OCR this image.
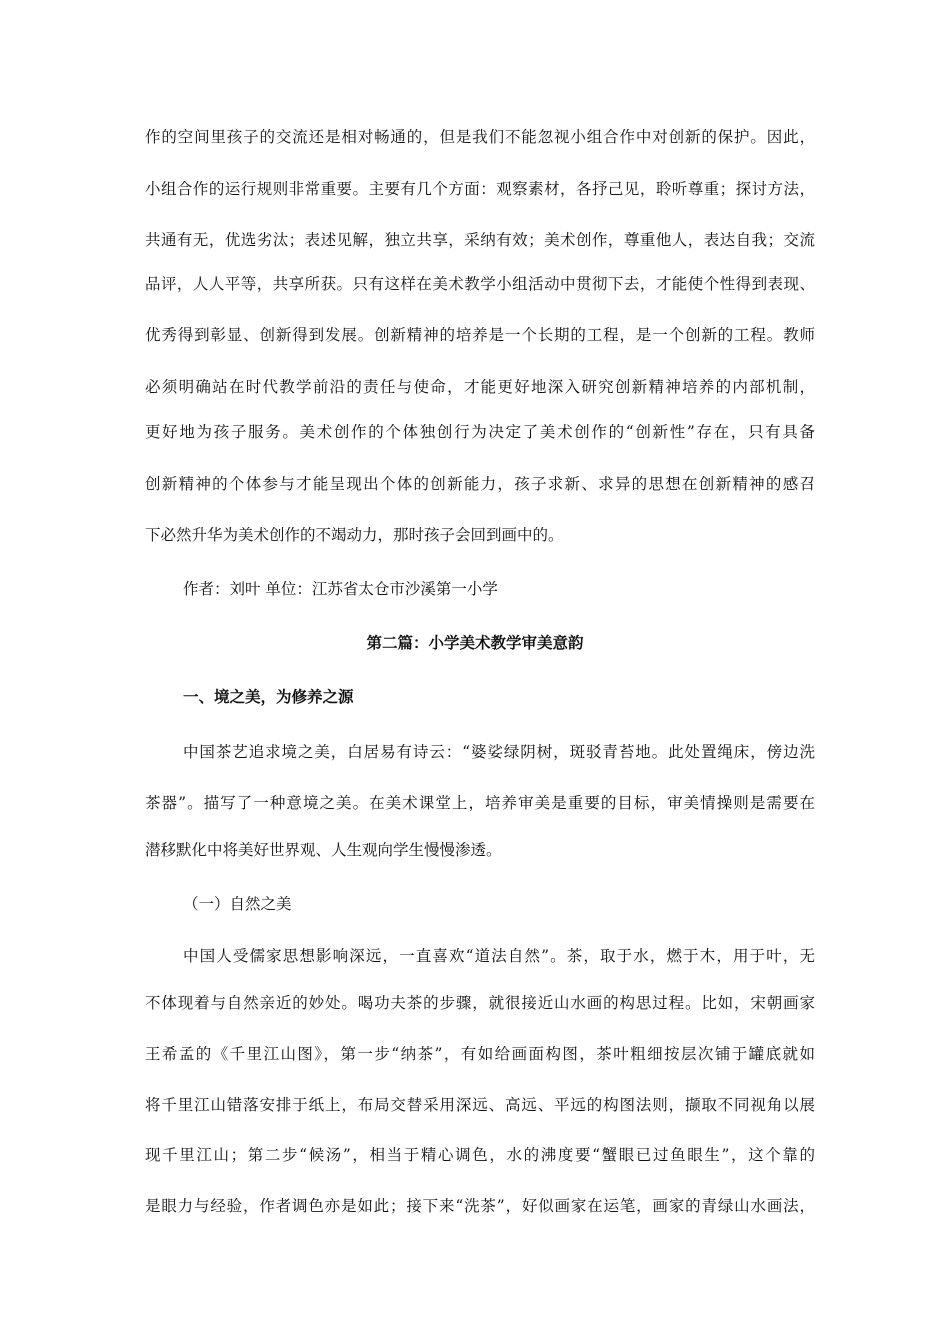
作的空间里孩子的交流还是相对畅通的，但是我们不能忽视小组合作中对创新的保护。因此，
小组合作的运行规则非常重要。主要有几个方面：观察素材，各抒己见，聆听尊重；探讨方法，
共通有无，优选劣汰；表述见解，独立共享，采纳有效；美术创作，尊重他人，表达自我；交流
品评，人人平等，共享所获。只有这样在美术教学小组活动中贯彻下去，才能使个性得到表现、
优秀得到彰显、创新得到发展。创新精神的培养是一个长期的工程，是一个创新的工程。教师
必须明确站在时代教学前沿的责任与使命，才能更好地深入研究创新精神培养的内部机制，
更好地为孩子服务。美术创作的个体独创行为决定了美术创作的“创新性”存在，只有具备
创新精神的个体参与才能呈现出个体的创新能力，孩子求新、求异的思想在创新精神的感召
下必然升华为美术创作的不竭动力，那时孩子会回到画中的。
作者：刘叶 单位：江苏省太仓市沙溪第一小学
第二篇：小学美术教学审美意韵
一、境之美，为修养之源
中国茶艺追求境之美，白居易有诗云：“婆娑绿阴树，斑驳青苔地。此处置绳床，傍边洗
茶器”。描写了一种意境之美。在美术课堂上，培养审美是重要的目标，审美情操则是需要在
潜移默化中将美好世界观、人生观向学生慢慢渗透。
（一）自然之美
中国人受儒家思想影响深远，一直喜欢“道法自然”。茶，取于水，燃于木，用于叶，无
不体现着与自然亲近的妙处。喝功夫茶的步骤，就很接近山水画的构思过程。比如，宋朝画家
王希孟的《千里江山图》，第一步“纳茶”，有如给画面构图，茶叶粗细按层次铺于罐底就如
将千里江山错落安排于纸上，布局交替采用深远、高远、平远的构图法则，撷取不同视角以展
现千里江山；第二步“候汤”，相当于精心调色，水的沸度要“蟹眼已过鱼眼生”，这个靠的
是眼力与经验，作者调色亦是如此；接下来“洗茶”，好似画家在运笔，画家的青绿山水画法，
